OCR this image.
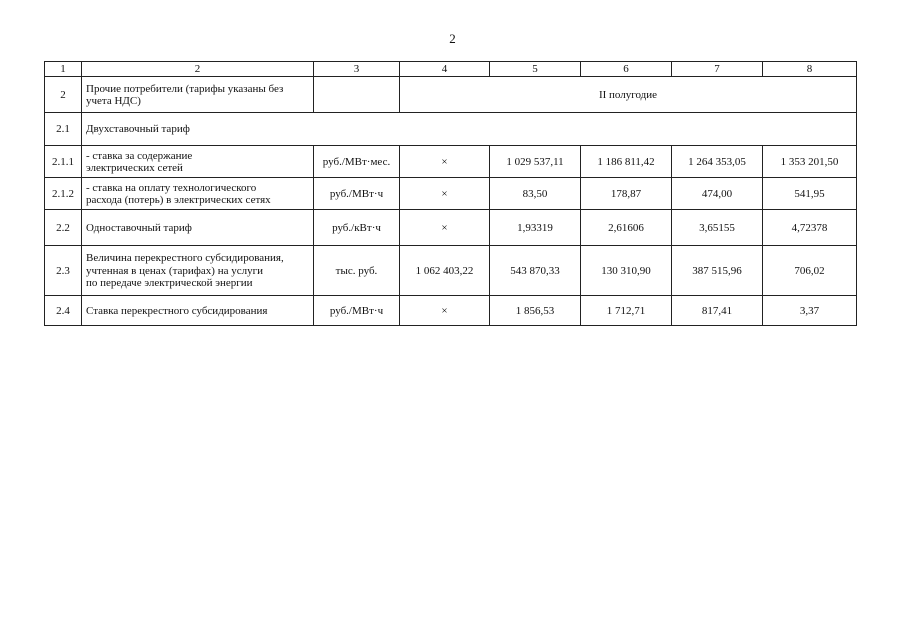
2
1	2	3	4	5	6	7	8
2	Прочие потребители (тарифы указаны без учета НДС)		II полугодие				
2.1	Двухставочный тариф						
2.1.1	- ставка за содержание
электрических сетей	руб./МВт·мес.	×	1 029 537,11	1 186 811,42	1 264 353,05	1 353 201,50
2.1.2	- ставка на оплату технологического
расхода (потерь) в электрических сетях	руб./МВт·ч	×	83,50	178,87	474,00	541,95
2.2	Одноставочный тариф	руб./кВт·ч	×	1,93319	2,61606	3,65155	4,72378
2.3	Величина перекрестного субсидирования,
учтенная в ценах (тарифах) на услуги
по передаче электрической энергии	тыс. руб.	1 062 403,22	543 870,33	130 310,90	387 515,96	706,02
2.4	Ставка перекрестного субсидирования	руб./МВт·ч	×	1 856,53	1 712,71	817,41	3,37
